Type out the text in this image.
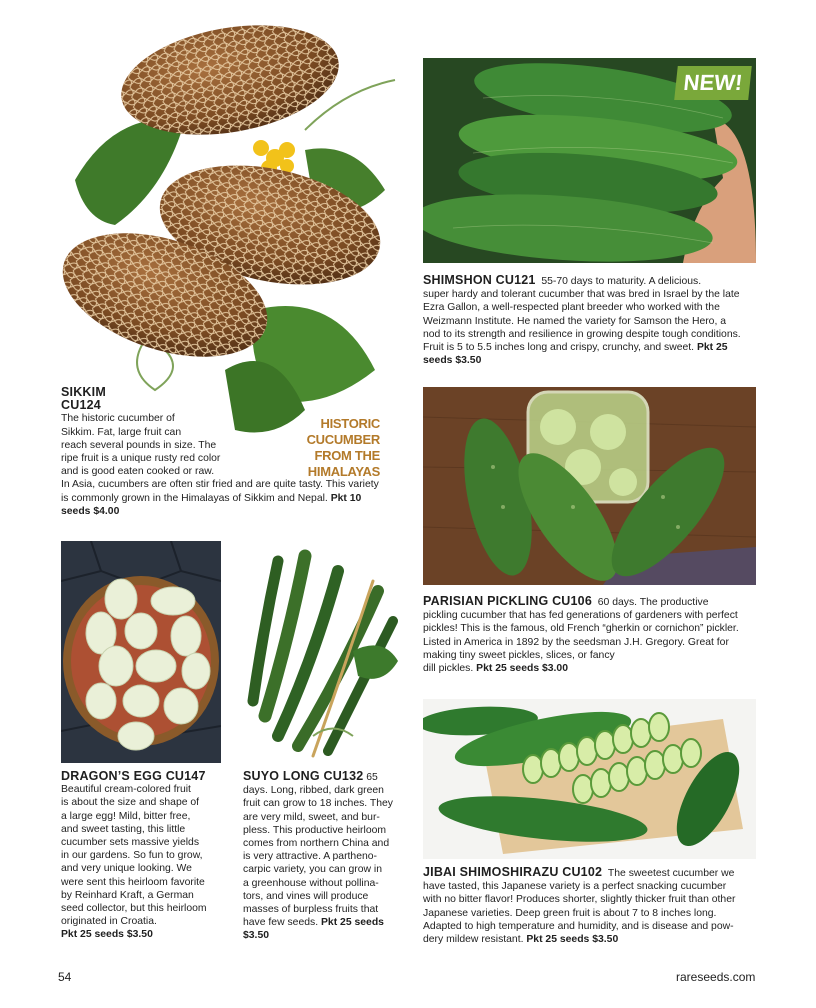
HISTORIC CUCUMBER FROM THE HIMALAYAS
NEW!
SHIMSHON CU121 55-70 days to maturity. A delicious.
super hardy and tolerant cucumber that was bred in Israel by the late
Ezra Gallon, a well-respected plant breeder who worked with the
Weizmann Institute. He named the variety for Samson the Hero, a
nod to its strength and resilience in growing despite tough conditions.
Fruit is 5 to 5.5 inches long and crispy, crunchy, and sweet. Pkt 25
seeds $3.50
SIKKIM
CU124
The historic cucumber of
Sikkim. Fat, large fruit can
reach several pounds in size. The
ripe fruit is a unique rusty red color
and is good eaten cooked or raw.
In Asia, cucumbers are often stir fried and are quite tasty. This variety
is commonly grown in the Himalayas of Sikkim and Nepal. Pkt 10
seeds $4.00
PARISIAN PICKLING CU106 60 days. The productive
pickling cucumber that has fed generations of gardeners with perfect
pickles! This is the famous, old French “gherkin or cornichon” pickler.
Listed in America in 1892 by the seedsman J.H. Gregory. Great for
making tiny sweet pickles, slices, or fancy
dill pickles. Pkt 25 seeds $3.00
DRAGON’S EGG CU147
Beautiful cream-colored fruit
is about the size and shape of
a large egg! Mild, bitter free,
and sweet tasting, this little
cucumber sets massive yields
in our gardens. So fun to grow,
and very unique looking. We
were sent this heirloom favorite
by Reinhard Kraft, a German
seed collector, but this heirloom
originated in Croatia.
Pkt 25 seeds $3.50
SUYO LONG CU132 65
days. Long, ribbed, dark green
fruit can grow to 18 inches. They
are very mild, sweet, and bur-
pless. This productive heirloom
comes from northern China and
is very attractive. A partheno-
carpic variety, you can grow in
a greenhouse without pollina-
tors, and vines will produce
masses of burpless fruits that
have few seeds. Pkt 25 seeds
$3.50
JIBAI SHIMOSHIRAZU CU102 The sweetest cucumber we
have tasted, this Japanese variety is a perfect snacking cucumber
with no bitter flavor! Produces shorter, slightly thicker fruit than other
Japanese varieties. Deep green fruit is about 7 to 8 inches long.
Adapted to high temperature and humidity, and is disease and pow-
dery mildew resistant. Pkt 25 seeds $3.50
54	rareseeds.com
